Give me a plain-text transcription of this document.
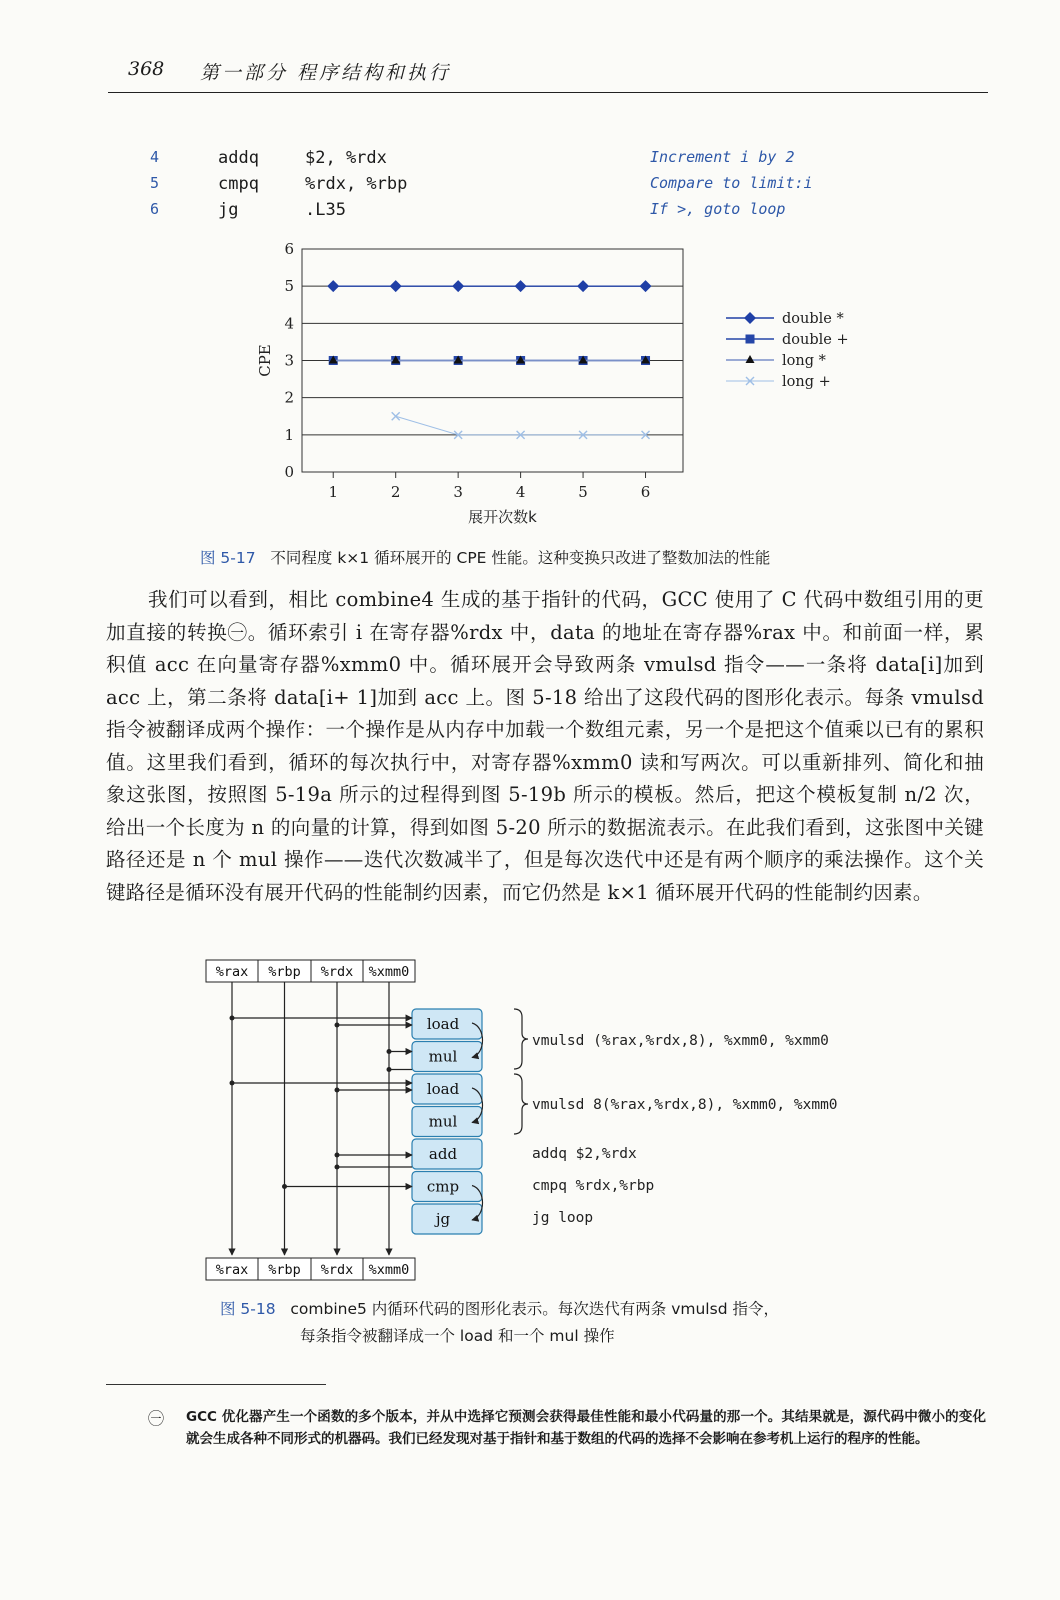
368 第一部分 程序结构和执行
4	addq	$2, %rdx	Increment i by 2
5	cmpq	%rdx, %rbp	Compare to limit:i
6	jg	.L35	If >, goto loop
0
1
2
3
4
5
6
1	2	3	4	5	6
展开次数k
CPE
double *
double +
long *
long +
图 5-17 不同程度 k×1 循环展开的 CPE 性能。这种变换只改进了整数加法的性能
我们可以看到，相比 combine4 生成的基于指针的代码，GCC 使用了 C 代码中数组引用的更加直接的转换㊀。循环索引 i 在寄存器%rdx 中，data 的地址在寄存器%rax 中。和前面一样，累积值 acc 在向量寄存器%xmm0 中。循环展开会导致两条 vmulsd 指令——一条将 data[i]加到 acc 上，第二条将 data[i+ 1]加到 acc 上。图 5-18 给出了这段代码的图形化表示。每条 vmulsd 指令被翻译成两个操作：一个操作是从内存中加载一个数组元素，另一个是把这个值乘以已有的累积值。这里我们看到，循环的每次执行中，对寄存器%xmm0 读和写两次。可以重新排列、简化和抽象这张图，按照图 5-19a 所示的过程得到图 5-19b 所示的模板。然后，把这个模板复制 n/2 次，给出一个长度为 n 的向量的计算，得到如图 5-20 所示的数据流表示。在此我们看到，这张图中关键路径还是 n 个 mul 操作——迭代次数减半了，但是每次迭代中还是有两个顺序的乘法操作。这个关键路径是循环没有展开代码的性能制约因素，而它仍然是 k×1 循环展开代码的性能制约因素。
%rax %rbp %rdx %xmm0
%rax %rbp %rdx %xmm0
load
mul
load
mul
add
cmp
jg
vmulsd (%rax,%rdx,8), %xmm0, %xmm0
vmulsd 8(%rax,%rdx,8), %xmm0, %xmm0
addq $2,%rdx
cmpq %rdx,%rbp
jg loop
图 5-18 combine5 内循环代码的图形化表示。每次迭代有两条 vmulsd 指令，
每条指令被翻译成一个 load 和一个 mul 操作
㊀ GCC 优化器产生一个函数的多个版本，并从中选择它预测会获得最佳性能和最小代码量的那一个。其结果就是，源代码中微小的变化就会生成各种不同形式的机器码。我们已经发现对基于指针和基于数组的代码的选择不会影响在参考机上运行的程序的性能。
